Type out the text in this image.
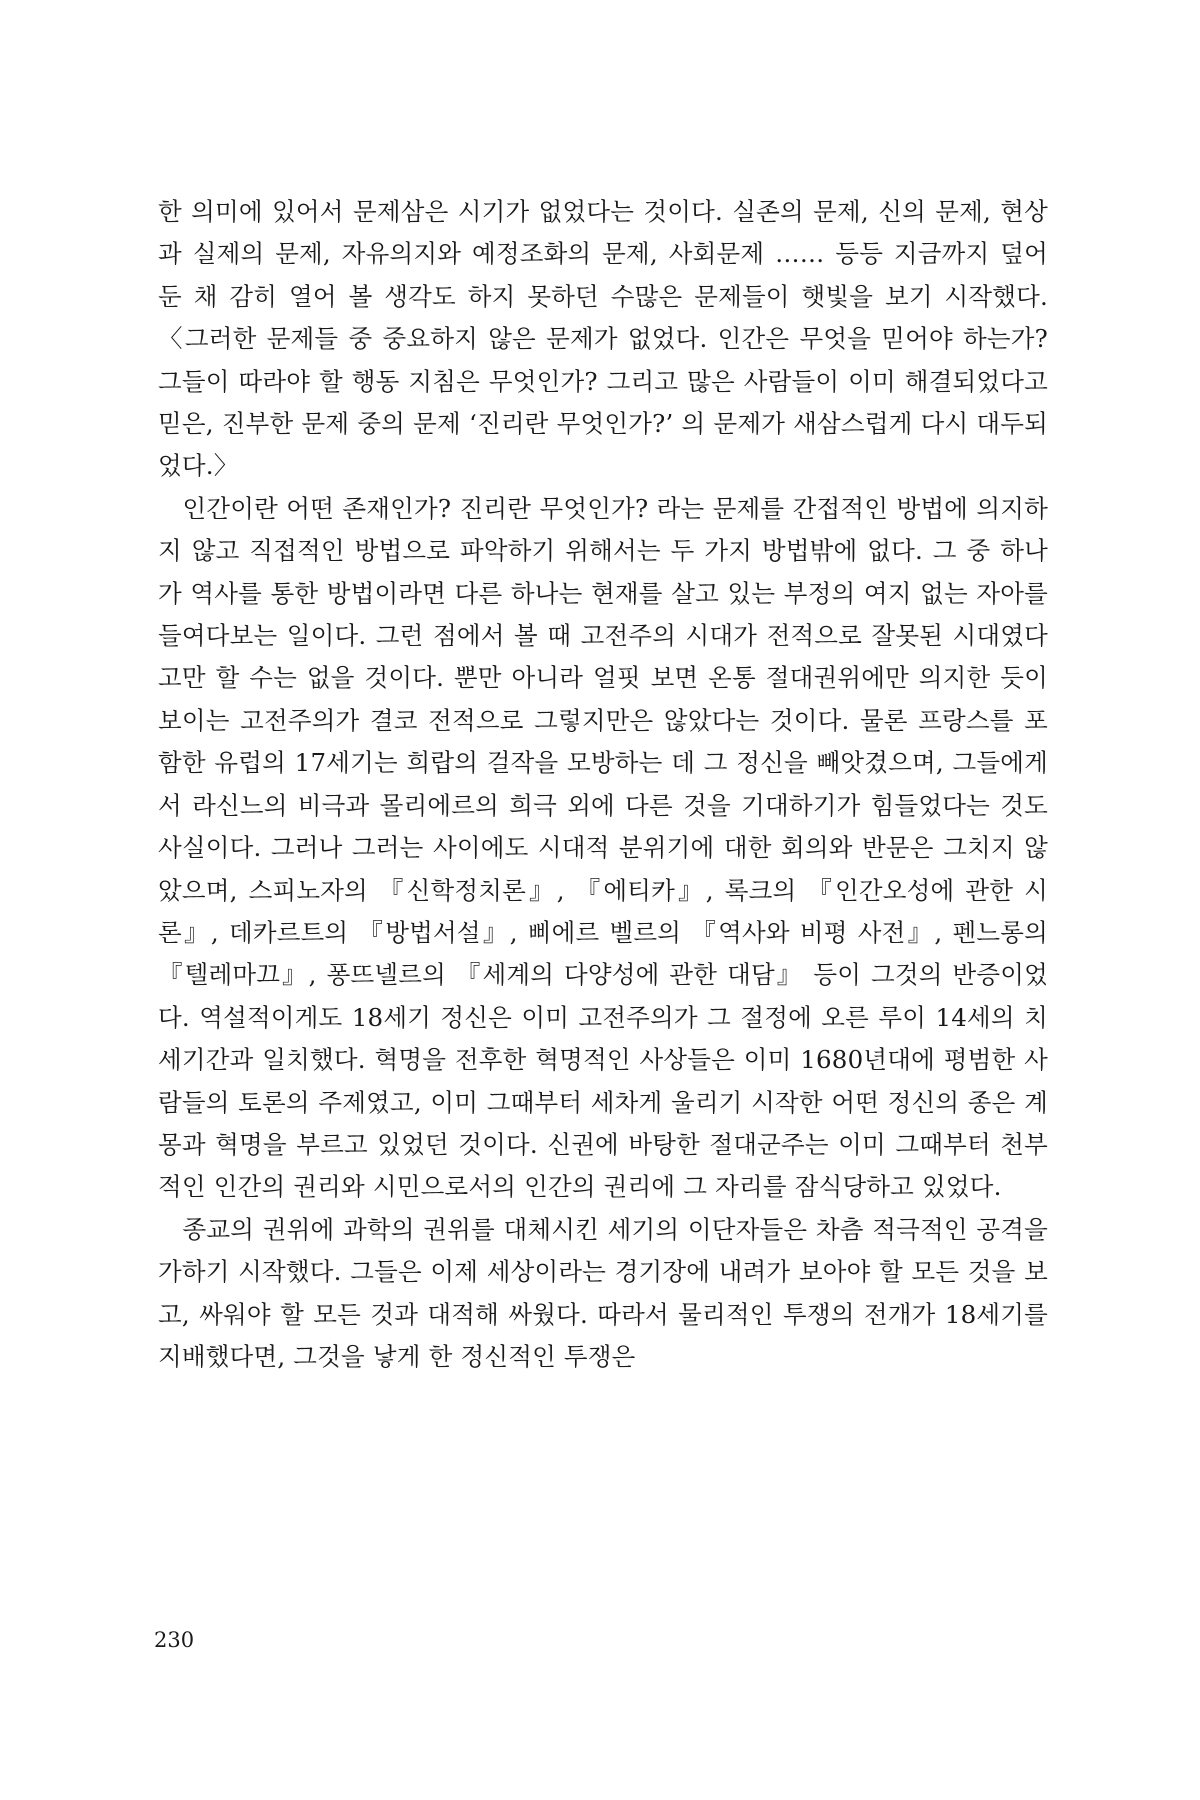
한 의미에 있어서 문제삼은 시기가 없었다는 것이다. 실존의 문제, 신의 문제, 현상과 실제의 문제, 자유의지와 예정조화의 문제, 사회문제 …… 등등 지금까지 덮어 둔 채 감히 열어 볼 생각도 하지 못하던 수많은 문제들이 햇빛을 보기 시작했다. 〈그러한 문제들 중 중요하지 않은 문제가 없었다. 인간은 무엇을 믿어야 하는가? 그들이 따라야 할 행동 지침은 무엇인가? 그리고 많은 사람들이 이미 해결되었다고 믿은, 진부한 문제 중의 문제 ‘진리란 무엇인가?’ 의 문제가 새삼스럽게 다시 대두되었다.〉

인간이란 어떤 존재인가? 진리란 무엇인가? 라는 문제를 간접적인 방법에 의지하지 않고 직접적인 방법으로 파악하기 위해서는 두 가지 방법밖에 없다. 그 중 하나가 역사를 통한 방법이라면 다른 하나는 현재를 살고 있는 부정의 여지 없는 자아를 들여다보는 일이다. 그런 점에서 볼 때 고전주의 시대가 전적으로 잘못된 시대였다고만 할 수는 없을 것이다. 뿐만 아니라 얼핏 보면 온통 절대권위에만 의지한 듯이 보이는 고전주의가 결코 전적으로 그렇지만은 않았다는 것이다. 물론 프랑스를 포함한 유럽의 17세기는 희랍의 걸작을 모방하는 데 그 정신을 빼앗겼으며, 그들에게서 라신느의 비극과 몰리에르의 희극 외에 다른 것을 기대하기가 힘들었다는 것도 사실이다. 그러나 그러는 사이에도 시대적 분위기에 대한 회의와 반문은 그치지 않았으며, 스피노자의 『신학정치론』, 『에티카』, 록크의 『인간오성에 관한 시론』, 데카르트의 『방법서설』, 삐에르 벨르의 『역사와 비평 사전』, 펜느롱의 『텔레마끄』, 퐁뜨넬르의 『세계의 다양성에 관한 대담』 등이 그것의 반증이었다. 역설적이게도 18세기 정신은 이미 고전주의가 그 절정에 오른 루이 14세의 치세기간과 일치했다. 혁명을 전후한 혁명적인 사상들은 이미 1680년대에 평범한 사람들의 토론의 주제였고, 이미 그때부터 세차게 울리기 시작한 어떤 정신의 종은 계몽과 혁명을 부르고 있었던 것이다. 신권에 바탕한 절대군주는 이미 그때부터 천부적인 인간의 권리와 시민으로서의 인간의 권리에 그 자리를 잠식당하고 있었다.

종교의 권위에 과학의 권위를 대체시킨 세기의 이단자들은 차츰 적극적인 공격을 가하기 시작했다. 그들은 이제 세상이라는 경기장에 내려가 보아야 할 모든 것을 보고, 싸워야 할 모든 것과 대적해 싸웠다. 따라서 물리적인 투쟁의 전개가 18세기를 지배했다면, 그것을 낳게 한 정신적인 투쟁은

230
